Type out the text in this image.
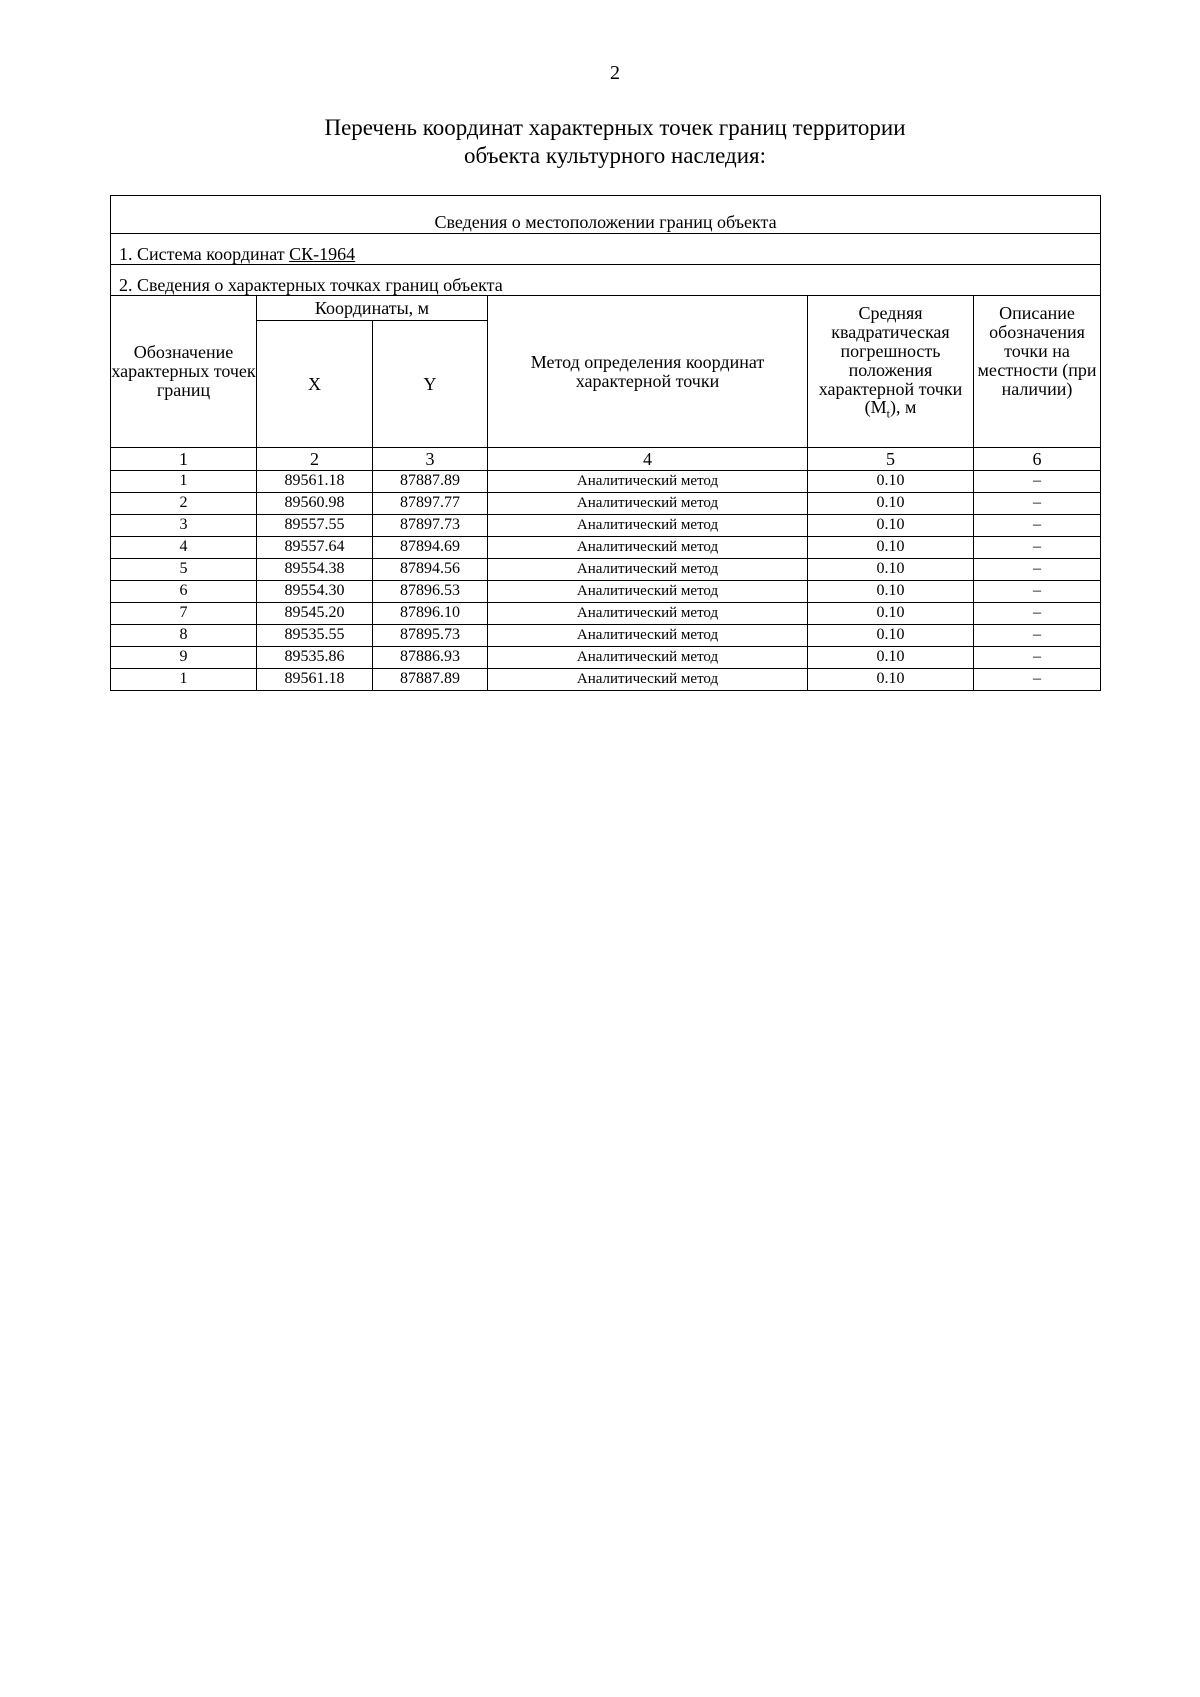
2
Перечень координат характерных точек границ территории
объекта культурного наследия:
Сведения о местоположении границ объекта					
1. Система координат СК-1964					
2. Сведения о характерных точках границ объекта					
Обозначение характерных точек границ	Координаты, м		Метод определения координат характерной точки	Средняя квадратическая погрешность положения характерной точки $(M_t)$, м	Описание обозначения точки на местности (при наличии)
	X	Y			
1	2	3	4	5	6
1	89561.18	87887.89	Аналитический метод	0.10	–
2	89560.98	87897.77	Аналитический метод	0.10	–
3	89557.55	87897.73	Аналитический метод	0.10	–
4	89557.64	87894.69	Аналитический метод	0.10	–
5	89554.38	87894.56	Аналитический метод	0.10	–
6	89554.30	87896.53	Аналитический метод	0.10	–
7	89545.20	87896.10	Аналитический метод	0.10	–
8	89535.55	87895.73	Аналитический метод	0.10	–
9	89535.86	87886.93	Аналитический метод	0.10	–
1	89561.18	87887.89	Аналитический метод	0.10	–
